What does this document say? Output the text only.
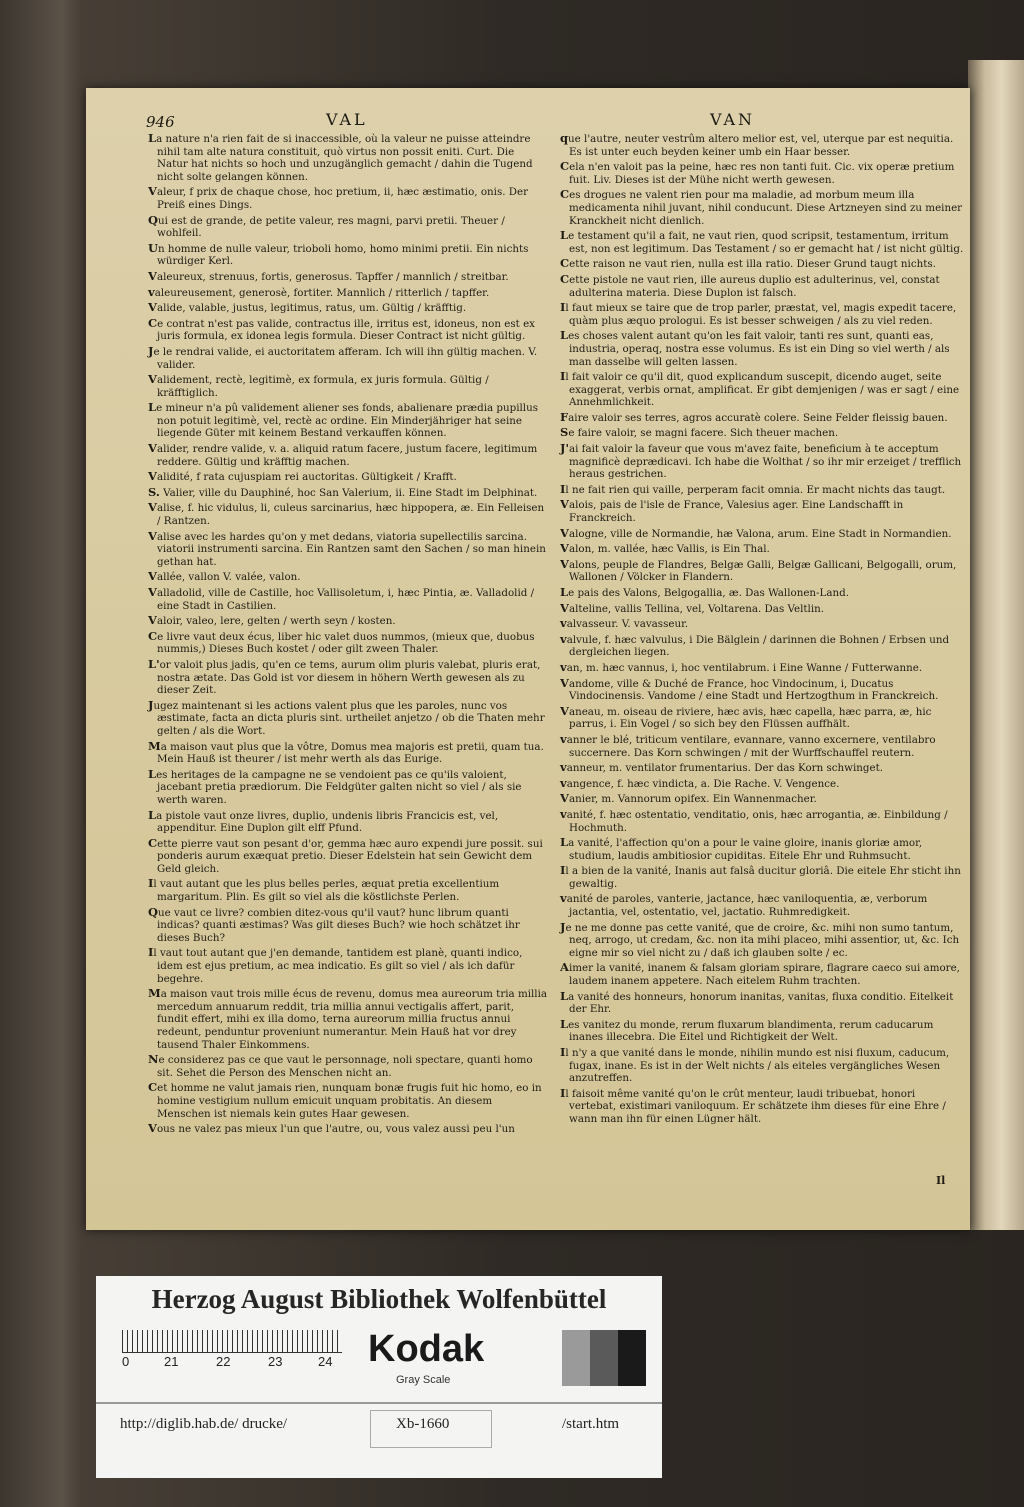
946	VAL	VAN

La nature n'a rien fait de si inaccessible, où la valeur ne puisse atteindre nihil tam alte natura constituit, quò virtus non possit eniti. Curt. Die Natur hat nichts so hoch und unzugänglich gemacht / dahin die Tugend nicht solte gelangen können.

Valeur, f prix de chaque chose, hoc pretium, ii, hæc æstimatio, onis. Der Preiß eines Dings.

Qui est de grande, de petite valeur, res magni, parvi pretii. Theuer / wohlfeil.

Un homme de nulle valeur, trioboli homo, homo minimi pretii. Ein nichts würdiger Kerl.

Valeureux, strenuus, fortis, generosus. Tapffer / mannlich / streitbar.

valeureusement, generosè, fortiter. Mannlich / ritterlich / tapffer.

Valide, valable, justus, legitimus, ratus, um. Gültig / kräfftig.

Ce contrat n'est pas valide, contractus ille, irritus est, idoneus, non est ex juris formula, ex idonea legis formula. Dieser Contract ist nicht gültig.

Je le rendrai valide, ei auctoritatem afferam. Ich will ihn gültig machen. V. valider.

Validement, rectè, legitimè, ex formula, ex juris formula. Gültig / kräfftiglich.

Le mineur n'a pû validement aliener ses fonds, abalienare prædia pupillus non potuit legitimè, vel, rectè ac ordine. Ein Minderjähriger hat seine liegende Güter mit keinem Bestand verkauffen können.

Valider, rendre valide, v. a. aliquid ratum facere, justum facere, legitimum reddere. Gültig und kräfftig machen.

Validité, f rata cujuspiam rei auctoritas. Gültigkeit / Krafft.

S. Valier, ville du Dauphiné, hoc San Valerium, ii. Eine Stadt im Delphinat.

Valise, f. hic vidulus, li, culeus sarcinarius, hæc hippopera, æ. Ein Felleisen / Rantzen.

Valise avec les hardes qu'on y met dedans, viatoria supellectilis sarcina. viatorii instrumenti sarcina. Ein Rantzen samt den Sachen / so man hinein gethan hat.

Vallée, vallon V. valée, valon.

Valladolid, ville de Castille, hoc Vallisoletum, i, hæc Pintia, æ. Valladolid / eine Stadt in Castilien.

Valoir, valeo, lere, gelten / werth seyn / kosten.

Ce livre vaut deux écus, liber hic valet duos nummos, (mieux que, duobus nummis,) Dieses Buch kostet / oder gilt zween Thaler.

L'or valoit plus jadis, qu'en ce tems, aurum olim pluris valebat, pluris erat, nostra ætate. Das Gold ist vor diesem in höhern Werth gewesen als zu dieser Zeit.

Jugez maintenant si les actions valent plus que les paroles, nunc vos æstimate, facta an dicta pluris sint. urtheilet anjetzo / ob die Thaten mehr gelten / als die Wort.

Ma maison vaut plus que la vôtre, Domus mea majoris est pretii, quam tua. Mein Hauß ist theurer / ist mehr werth als das Eurige.

Les heritages de la campagne ne se vendoient pas ce qu'ils valoient, jacebant pretia prædiorum. Die Feldgüter galten nicht so viel / als sie werth waren.

La pistole vaut onze livres, duplio, undenis libris Francicis est, vel, appenditur. Eine Duplon gilt elff Pfund.

Cette pierre vaut son pesant d'or, gemma hæc auro expendi jure possit. sui ponderis aurum exæquat pretio. Dieser Edelstein hat sein Gewicht dem Geld gleich.

Il vaut autant que les plus belles perles, æquat pretia excellentium margaritum. Plin. Es gilt so viel als die köstlichste Perlen.

Que vaut ce livre? combien ditez-vous qu'il vaut? hunc librum quanti indicas? quanti æstimas? Was gilt dieses Buch? wie hoch schätzet ihr dieses Buch?

Il vaut tout autant que j'en demande, tantidem est planè, quanti indico, idem est ejus pretium, ac mea indicatio. Es gilt so viel / als ich dafür begehre.

Ma maison vaut trois mille écus de revenu, domus mea aureorum tria millia mercedum annuarum reddit, tria millia annui vectigalis affert, parit, fundit effert, mihi ex illa domo, terna aureorum millia fructus annui redeunt, penduntur proveniunt numerantur. Mein Hauß hat vor drey tausend Thaler Einkommens.

Ne considerez pas ce que vaut le personnage, noli spectare, quanti homo sit. Sehet die Person des Menschen nicht an.

Cet homme ne valut jamais rien, nunquam bonæ frugis fuit hic homo, eo in homine vestigium nullum emicuit unquam probitatis. An diesem Menschen ist niemals kein gutes Haar gewesen.

Vous ne valez pas mieux l'un que l'autre, ou, vous valez aussi peu l'un

que l'autre, neuter vestrûm altero melior est, vel, uterque par est nequitia. Es ist unter euch beyden keiner umb ein Haar besser.

Cela n'en valoit pas la peine, hæc res non tanti fuit. Cic. vix operæ pretium fuit. Liv. Dieses ist der Mühe nicht werth gewesen.

Ces drogues ne valent rien pour ma maladie, ad morbum meum illa medicamenta nihil juvant, nihil conducunt. Diese Artzneyen sind zu meiner Kranckheit nicht dienlich.

Le testament qu'il a fait, ne vaut rien, quod scripsit, testamentum, irritum est, non est legitimum. Das Testament / so er gemacht hat / ist nicht gültig.

Cette raison ne vaut rien, nulla est illa ratio. Dieser Grund taugt nichts.

Cette pistole ne vaut rien, ille aureus duplio est adulterinus, vel, constat adulterina materia. Diese Duplon ist falsch.

Il faut mieux se taire que de trop parler, præstat, vel, magis expedit tacere, quàm plus æquo prologui. Es ist besser schweigen / als zu viel reden.

Les choses valent autant qu'on les fait valoir, tanti res sunt, quanti eas, industria, operaq, nostra esse volumus. Es ist ein Ding so viel werth / als man dasselbe will gelten lassen.

Il fait valoir ce qu'il dit, quod explicandum suscepit, dicendo auget, seite exaggerat, verbis ornat, amplificat. Er gibt demjenigen / was er sagt / eine Annehmlichkeit.

Faire valoir ses terres, agros accuratè colere. Seine Felder fleissig bauen.

Se faire valoir, se magni facere. Sich theuer machen.

J'ai fait valoir la faveur que vous m'avez faite, beneficium à te acceptum magnificè deprædicavi. Ich habe die Wolthat / so ihr mir erzeiget / trefflich heraus gestrichen.

Il ne fait rien qui vaille, perperam facit omnia. Er macht nichts das taugt.

Valois, pais de l'isle de France, Valesius ager. Eine Landschafft in Franckreich.

Valogne, ville de Normandie, hæ Valona, arum. Eine Stadt in Normandien.

Valon, m. vallée, hæc Vallis, is Ein Thal.

Valons, peuple de Flandres, Belgæ Galli, Belgæ Gallicani, Belgogalli, orum, Wallonen / Völcker in Flandern.

Le pais des Valons, Belgogallia, æ. Das Wallonen-Land.

Valteline, vallis Tellina, vel, Voltarena. Das Veltlin.

valvasseur. V. vavasseur.

valvule, f. hæc valvulus, i Die Bälglein / darinnen die Bohnen / Erbsen und dergleichen liegen.

van, m. hæc vannus, i, hoc ventilabrum. i Eine Wanne / Futterwanne.

Vandome, ville & Duché de France, hoc Vindocinum, i, Ducatus Vindocinensis. Vandome / eine Stadt und Hertzogthum in Franckreich.

Vaneau, m. oiseau de riviere, hæc avis, hæc capella, hæc parra, æ, hic parrus, i. Ein Vogel / so sich bey den Flüssen auffhält.

vanner le blé, triticum ventilare, evannare, vanno excernere, ventilabro succernere. Das Korn schwingen / mit der Wurffschauffel reutern.

vanneur, m. ventilator frumentarius. Der das Korn schwinget.

vangence, f. hæc vindicta, a. Die Rache. V. Vengence.

Vanier, m. Vannorum opifex. Ein Wannenmacher.

vanité, f. hæc ostentatio, venditatio, onis, hæc arrogantia, æ. Einbildung / Hochmuth.

La vanité, l'affection qu'on a pour le vaine gloire, inanis gloriæ amor, studium, laudis ambitiosior cupiditas. Eitele Ehr und Ruhmsucht.

Il a bien de la vanité, Inanis aut falsâ ducitur gloriâ. Die eitele Ehr sticht ihn gewaltig.

vanité de paroles, vanterie, jactance, hæc vaniloquentia, æ, verborum jactantia, vel, ostentatio, vel, jactatio. Ruhmredigkeit.

Je ne me donne pas cette vanité, que de croire, &c. mihi non sumo tantum, neq, arrogo, ut credam, &c. non ita mihi placeo, mihi assentior, ut, &c. Ich eigne mir so viel nicht zu / daß ich glauben solte / ec.

Aimer la vanité, inanem & falsam gloriam spirare, flagrare caeco sui amore, laudem inanem appetere. Nach eitelem Ruhm trachten.

La vanité des honneurs, honorum inanitas, vanitas, fluxa conditio. Eitelkeit der Ehr.

Les vanitez du monde, rerum fluxarum blandimenta, rerum caducarum inanes illecebra. Die Eitel und Richtigkeit der Welt.

Il n'y a que vanité dans le monde, nihilin mundo est nisi fluxum, caducum, fugax, inane. Es ist in der Welt nichts / als eiteles vergängliches Wesen anzutreffen.

Il faisoit même vanité qu'on le crût menteur, laudi tribuebat, honori vertebat, existimari vaniloquum. Er schätzete ihm dieses für eine Ehre / wann man ihn für einen Lügner hält.

Il
Herzog August Bibliothek Wolfenbüttel
0	21	22	23	24 Kodak
Gray Scale
http://diglib.hab.de/ drucke/	Xb-1660	/start.htm
